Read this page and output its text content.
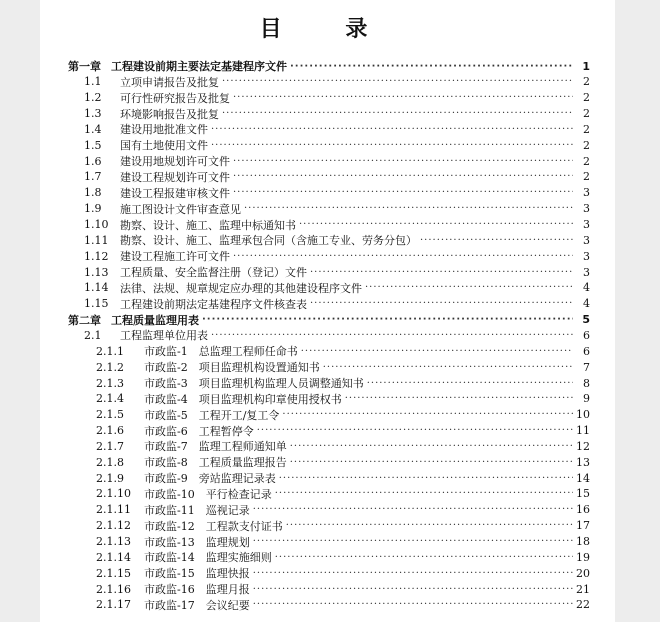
目 录
第一章 工程建设前期主要法定基建程序文件 ·····	1
1.1	立项申请报告及批复 ·····	2
1.2	可行性研究报告及批复 ·····	2
1.3	环境影响报告及批复 ·····	2
1.4	建设用地批准文件 ·····	2
1.5	国有土地使用文件 ·····	2
1.6	建设用地规划许可文件 ·····	2
1.7	建设工程规划许可文件 ·····	2
1.8	建设工程报建审核文件 ·····	3
1.9	施工图设计文件审查意见 ·····	3
1.10	勘察、设计、施工、监理中标通知书 ·····	3
1.11	勘察、设计、施工、监理承包合同（含施工专业、劳务分包） ·····	3
1.12	建设工程施工许可文件 ·····	3
1.13	工程质量、安全监督注册（登记）文件 ·····	3
1.14	法律、法规、规章规定应办理的其他建设程序文件 ·····	4
1.15	工程建设前期法定基建程序文件核查表 ·····	4
第二章 工程质量监理用表 ·····	5
2.1	工程监理单位用表 ·····	6
2.1.1	市政监-1　总监理工程师任命书 ·····	6
2.1.2	市政监-2　项目监理机构设置通知书 ·····	7
2.1.3	市政监-3　项目监理机构监理人员调整通知书 ·····	8
2.1.4	市政监-4　项目监理机构印章使用授权书 ·····	9
2.1.5	市政监-5　工程开工/复工令 ·····	10
2.1.6	市政监-6　工程暂停令 ·····	11
2.1.7	市政监-7　监理工程师通知单 ·····	12
2.1.8	市政监-8　工程质量监理报告 ·····	13
2.1.9	市政监-9　旁站监理记录表 ·····	14
2.1.10	市政监-10　平行检查记录 ·····	15
2.1.11	市政监-11　巡视记录 ·····	16
2.1.12	市政监-12　工程款支付证书 ·····	17
2.1.13	市政监-13　监理规划 ·····	18
2.1.14	市政监-14　监理实施细则 ·····	19
2.1.15	市政监-15　监理快报 ·····	20
2.1.16	市政监-16　监理月报 ·····	21
2.1.17	市政监-17　会议纪要 ·····	22
